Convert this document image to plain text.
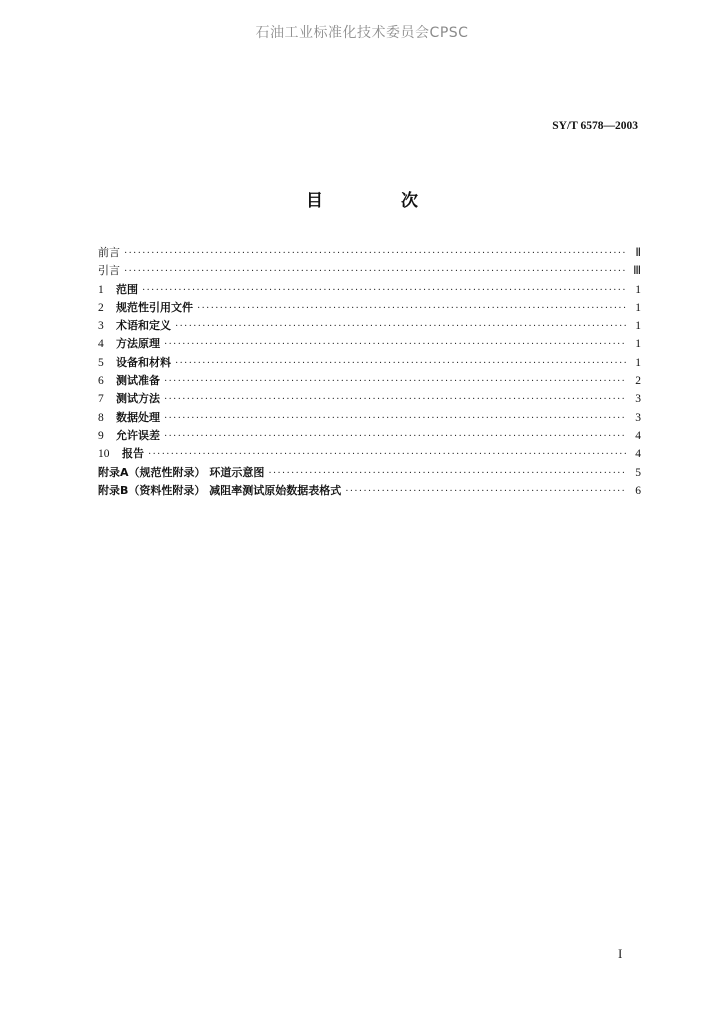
石油工业标准化技术委员会CPSC
SY/T 6578—2003
目 次
前言 ·····	Ⅱ
引言 ·····	Ⅲ
1	范围 ·····	1
2	规范性引用文件 ·····	1
3	术语和定义 ·····	1
4	方法原理 ·····	1
5	设备和材料 ·····	1
6	测试准备 ·····	2
7	测试方法 ·····	3
8	数据处理 ·····	3
9	允许误差 ·····	4
10	报告 ·····	4
附录A（规范性附录） 环道示意图 ·····	5
附录B（资料性附录） 减阻率测试原始数据表格式 ·····	6
I
